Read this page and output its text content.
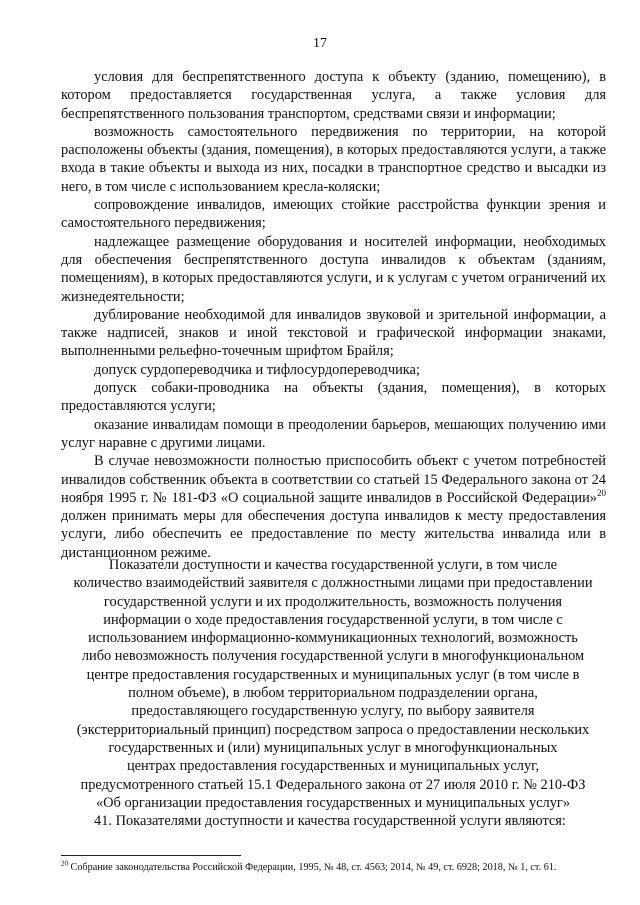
17

условия для беспрепятственного доступа к объекту (зданию, помещению), в котором предоставляется государственная услуга, а также условия для беспрепятственного пользования транспортом, средствами связи и информации;

возможность самостоятельного передвижения по территории, на которой расположены объекты (здания, помещения), в которых предоставляются услуги, а также входа в такие объекты и выхода из них, посадки в транспортное средство и высадки из него, в том числе с использованием кресла-коляски;

сопровождение инвалидов, имеющих стойкие расстройства функции зрения и самостоятельного передвижения;

надлежащее размещение оборудования и носителей информации, необходимых для обеспечения беспрепятственного доступа инвалидов к объектам (зданиям, помещениям), в которых предоставляются услуги, и к услугам с учетом ограничений их жизнедеятельности;

дублирование необходимой для инвалидов звуковой и зрительной информации, а также надписей, знаков и иной текстовой и графической информации знаками, выполненными рельефно-точечным шрифтом Брайля;

допуск сурдопереводчика и тифлосурдопереводчика;

допуск собаки-проводника на объекты (здания, помещения), в которых предоставляются услуги;

оказание инвалидам помощи в преодолении барьеров, мешающих получению ими услуг наравне с другими лицами.

В случае невозможности полностью приспособить объект с учетом потребностей инвалидов собственник объекта в соответствии со статьей 15 Федерального закона от 24 ноября 1995 г. № 181-ФЗ «О социальной защите инвалидов в Российской Федерации»$^{20}$ должен принимать меры для обеспечения доступа инвалидов к месту предоставления услуги, либо обеспечить ее предоставление по месту жительства инвалида или в дистанционном режиме.

Показатели доступности и качества государственной услуги, в том числе
количество взаимодействий заявителя с должностными лицами при предоставлении
государственной услуги и их продолжительность, возможность получения
информации о ходе предоставления государственной услуги, в том числе с
использованием информационно-коммуникационных технологий, возможность
либо невозможность получения государственной услуги в многофункциональном
центре предоставления государственных и муниципальных услуг (в том числе в
полном объеме), в любом территориальном подразделении органа,
предоставляющего государственную услугу, по выбору заявителя
(экстерриториальный принцип) посредством запроса о предоставлении нескольких
государственных и (или) муниципальных услуг в многофункциональных
центрах предоставления государственных и муниципальных услуг,
предусмотренного статьей 15.1 Федерального закона от 27 июля 2010 г. № 210-ФЗ
«Об организации предоставления государственных и муниципальных услуг»
41. Показателями доступности и качества государственной услуги являются:
$^{20}$ Собрание законодательства Российской Федерации, 1995, № 48, ст. 4563; 2014, № 49, ст. 6928; 2018, № 1, ст. 61.
